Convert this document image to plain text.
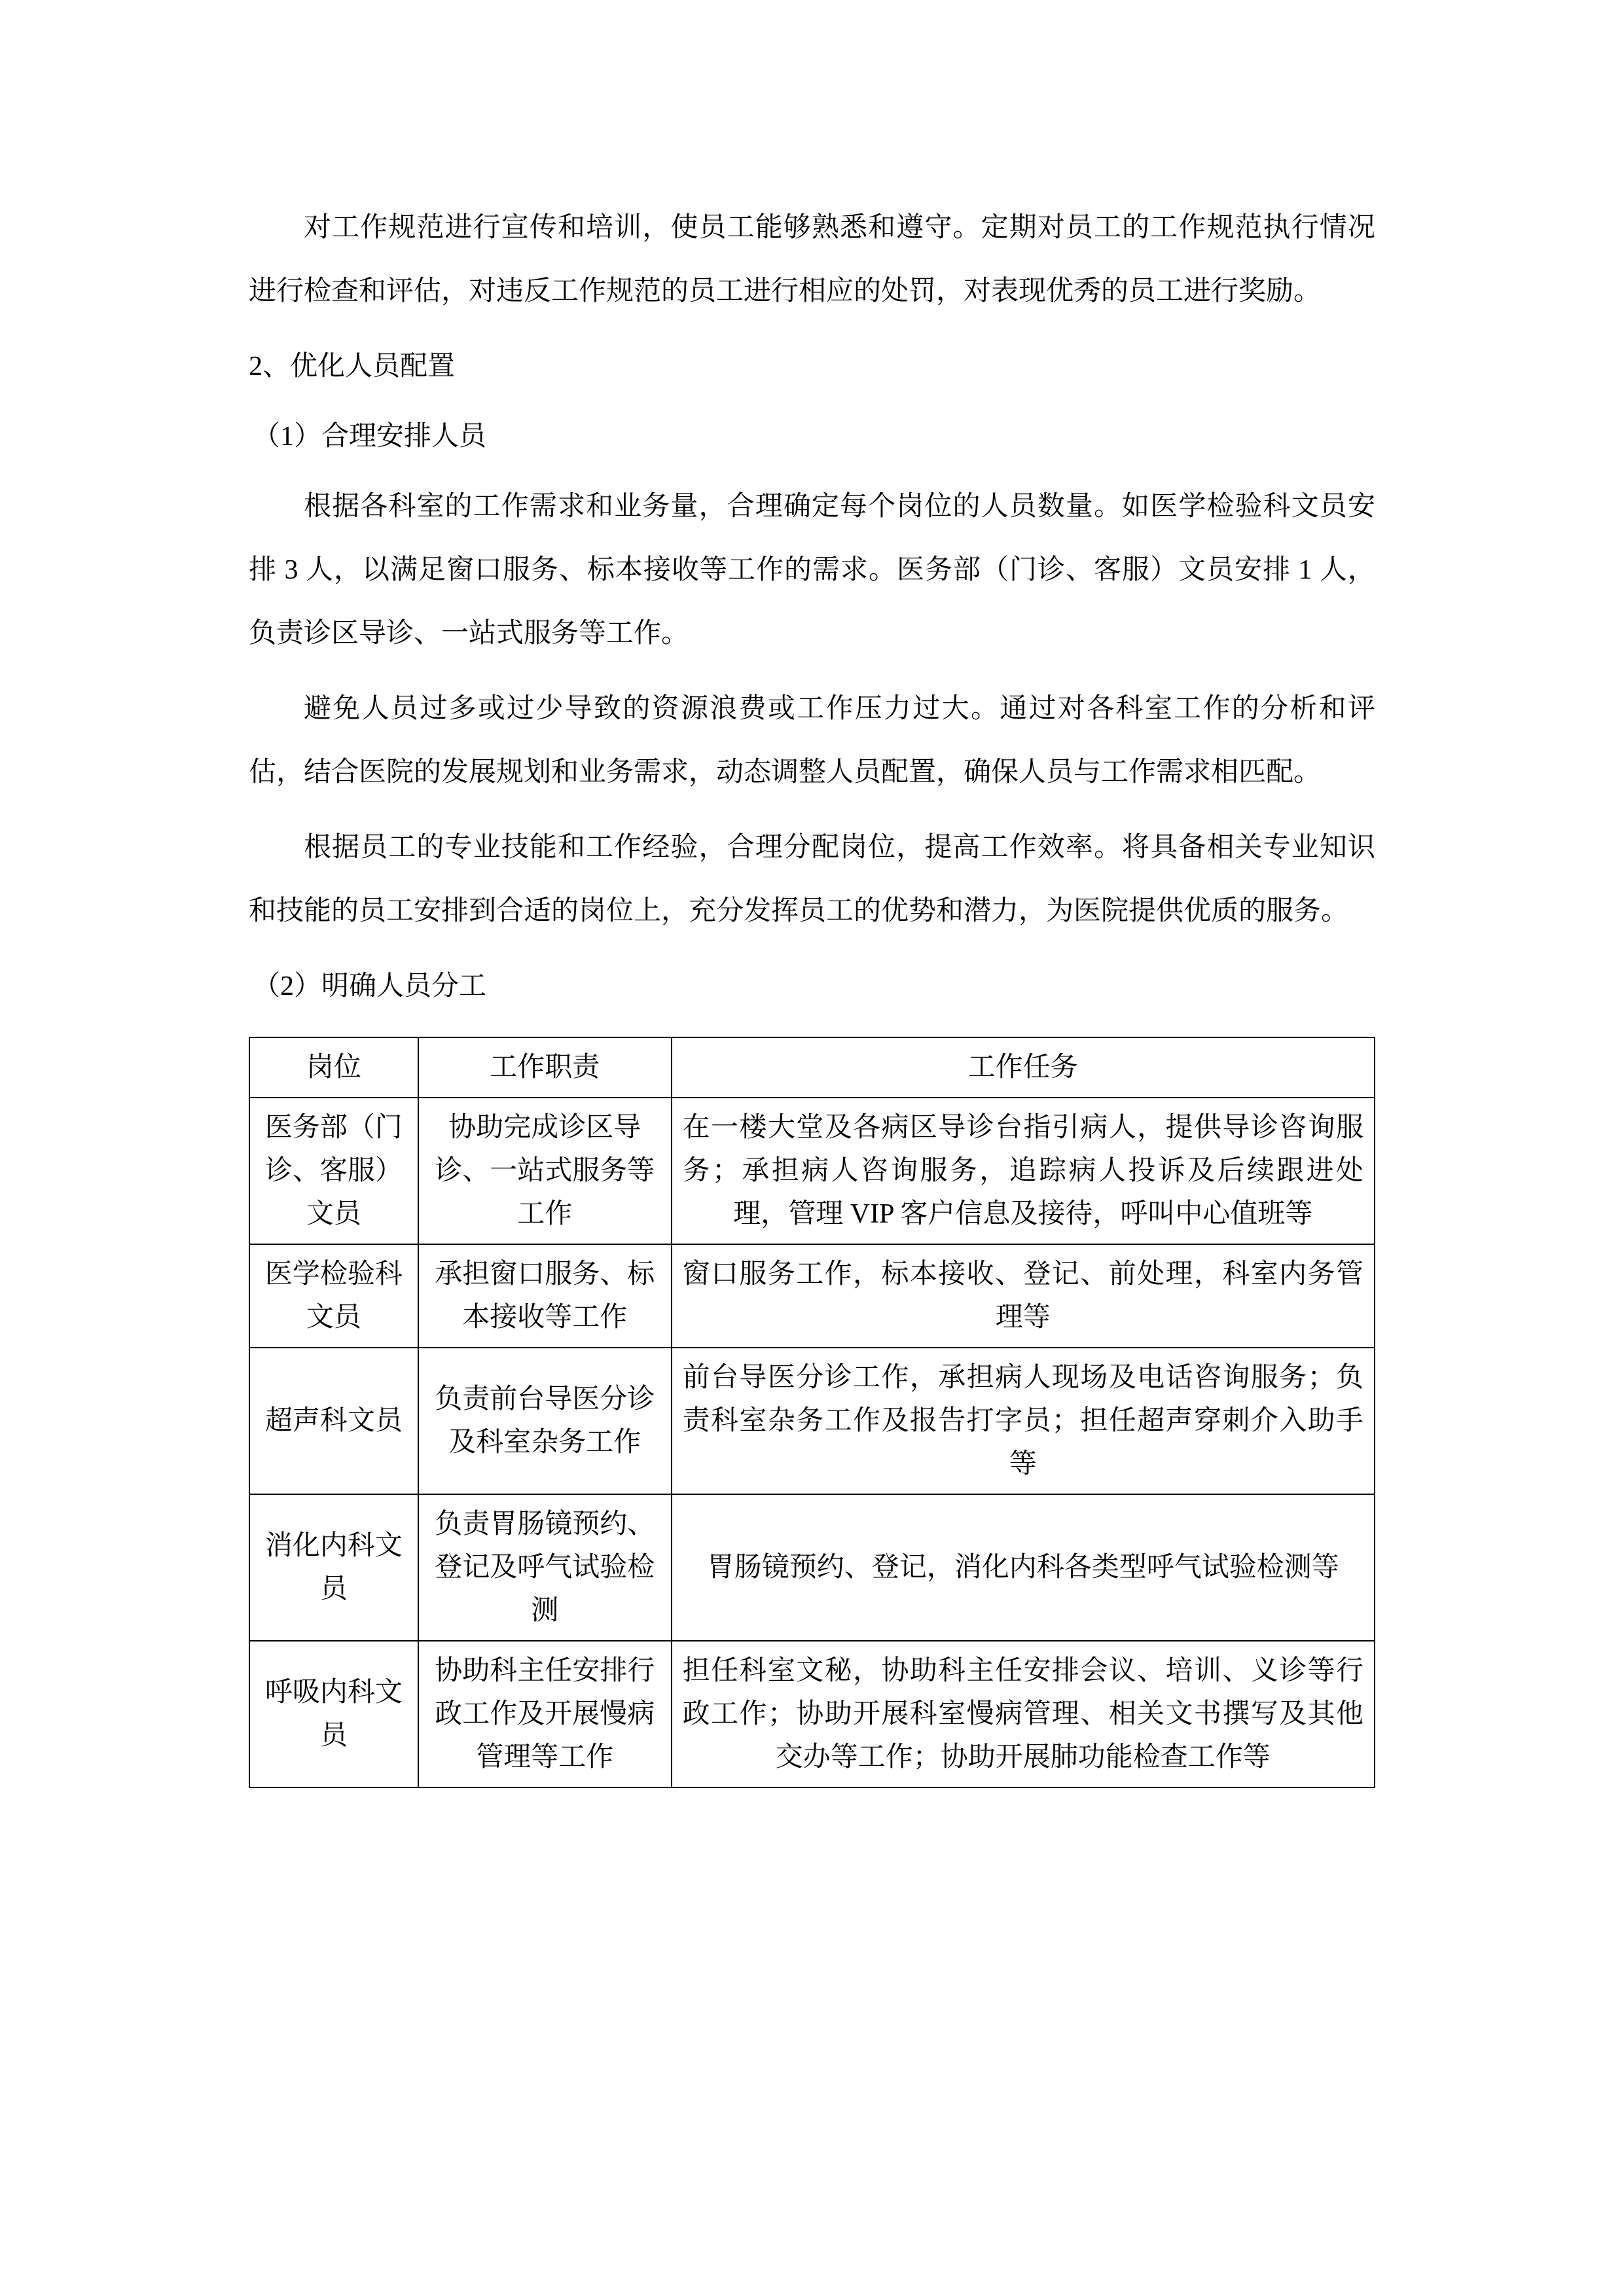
对工作规范进行宣传和培训，使员工能够熟悉和遵守。定期对员工的工作规范执行情况进行检查和评估，对违反工作规范的员工进行相应的处罚，对表现优秀的员工进行奖励。

2、优化人员配置

（1）合理安排人员

根据各科室的工作需求和业务量，合理确定每个岗位的人员数量。如医学检验科文员安排 3 人，以满足窗口服务、标本接收等工作的需求。医务部（门诊、客服）文员安排 1 人，负责诊区导诊、一站式服务等工作。

避免人员过多或过少导致的资源浪费或工作压力过大。通过对各科室工作的分析和评估，结合医院的发展规划和业务需求，动态调整人员配置，确保人员与工作需求相匹配。

根据员工的专业技能和工作经验，合理分配岗位，提高工作效率。将具备相关专业知识和技能的员工安排到合适的岗位上，充分发挥员工的优势和潜力，为医院提供优质的服务。

（2）明确人员分工

岗位	工作职责	工作任务
医务部（门诊、客服）文员	协助完成诊区导诊、一站式服务等工作	在一楼大堂及各病区导诊台指引病人，提供导诊咨询服务；承担病人咨询服务，追踪病人投诉及后续跟进处理，管理 VIP 客户信息及接待，呼叫中心值班等
医学检验科文员	承担窗口服务、标本接收等工作	窗口服务工作，标本接收、登记、前处理，科室内务管理等
超声科文员	负责前台导医分诊及科室杂务工作	前台导医分诊工作，承担病人现场及电话咨询服务；负责科室杂务工作及报告打字员；担任超声穿刺介入助手等
消化内科文员	负责胃肠镜预约、登记及呼气试验检测	胃肠镜预约、登记，消化内科各类型呼气试验检测等
呼吸内科文员	协助科主任安排行政工作及开展慢病管理等工作	担任科室文秘，协助科主任安排会议、培训、义诊等行政工作；协助开展科室慢病管理、相关文书撰写及其他交办等工作；协助开展肺功能检查工作等
